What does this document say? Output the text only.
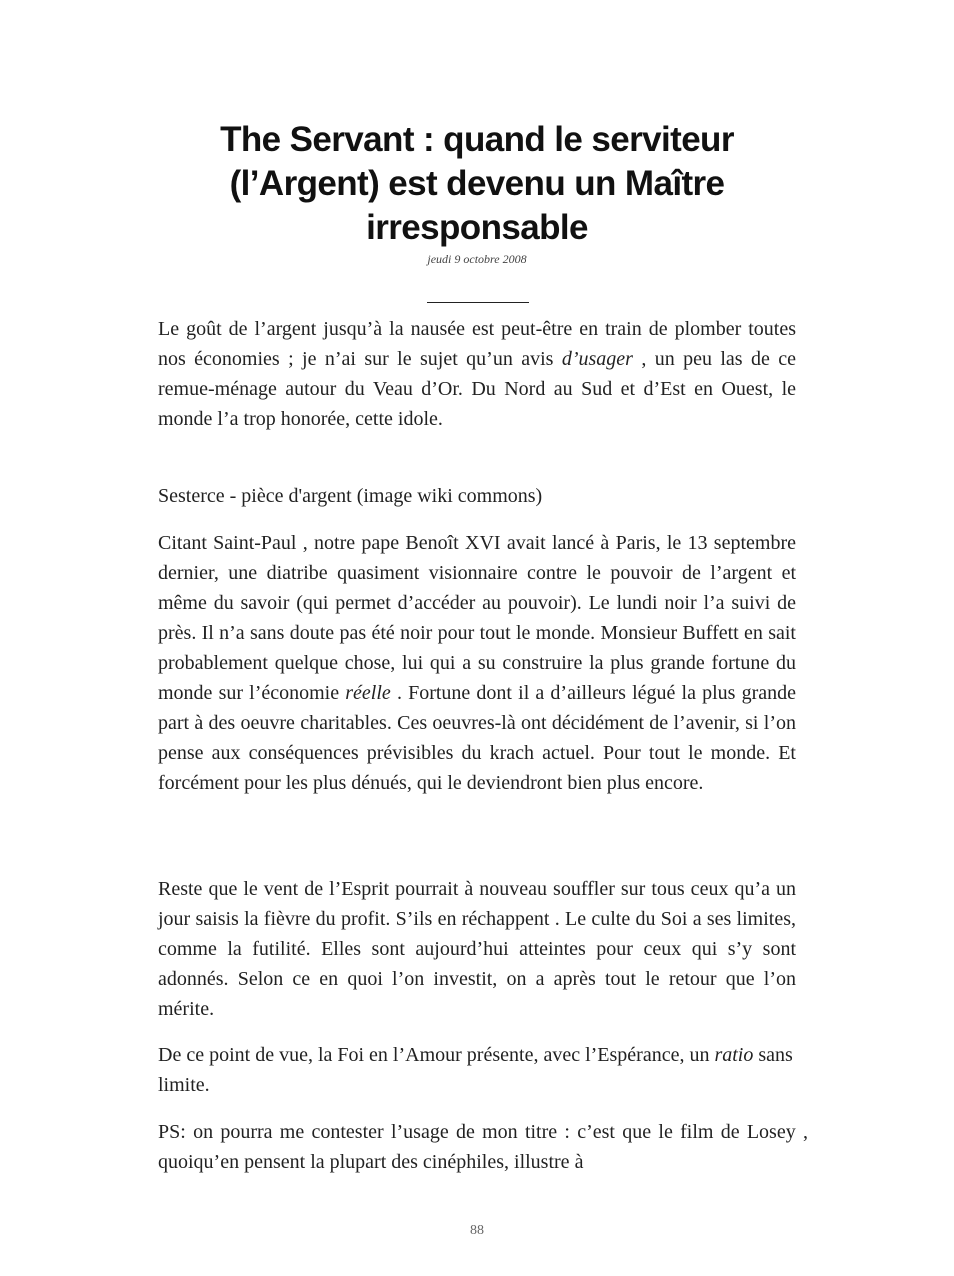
The Servant : quand le serviteur (l’Argent) est devenu un Maître irresponsable
jeudi 9 octobre 2008

Le goût de l’argent jusqu’à la nausée est peut-être en train de plomber toutes nos économies ; je n’ai sur le sujet qu’un avis d’usager , un peu las de ce remue-ménage autour du Veau d’Or. Du Nord au Sud et d’Est en Ouest, le monde l’a trop honorée, cette idole.

Sesterce - pièce d'argent (image wiki commons)

Citant Saint-Paul , notre pape Benoît XVI avait lancé à Paris, le 13 septembre dernier, une diatribe quasiment visionnaire contre le pouvoir de l’argent et même du savoir (qui permet d’accéder au pouvoir). Le lundi noir l’a suivi de près. Il n’a sans doute pas été noir pour tout le monde. Monsieur Buffett en sait probablement quelque chose, lui qui a su construire la plus grande fortune du monde sur l’économie réelle . Fortune dont il a d’ailleurs légué la plus grande part à des oeuvre charitables. Ces oeuvres-là ont décidément de l’avenir, si l’on pense aux conséquences prévisibles du krach actuel. Pour tout le monde. Et forcément pour les plus dénués, qui le deviendront bien plus encore.

Reste que le vent de l’Esprit pourrait à nouveau souffler sur tous ceux qu’a un jour saisis la fièvre du profit. S’ils en réchappent . Le culte du Soi a ses limites, comme la futilité. Elles sont aujourd’hui atteintes pour ceux qui s’y sont adonnés. Selon ce en quoi l’on investit, on a après tout le retour que l’on mérite.

De ce point de vue, la Foi en l’Amour présente, avec l’Espérance, un ratio sans limite.

PS: on pourra me contester l’usage de mon titre : c’est que le film de Losey , quoiqu’en pensent la plupart des cinéphiles, illustre à

88
